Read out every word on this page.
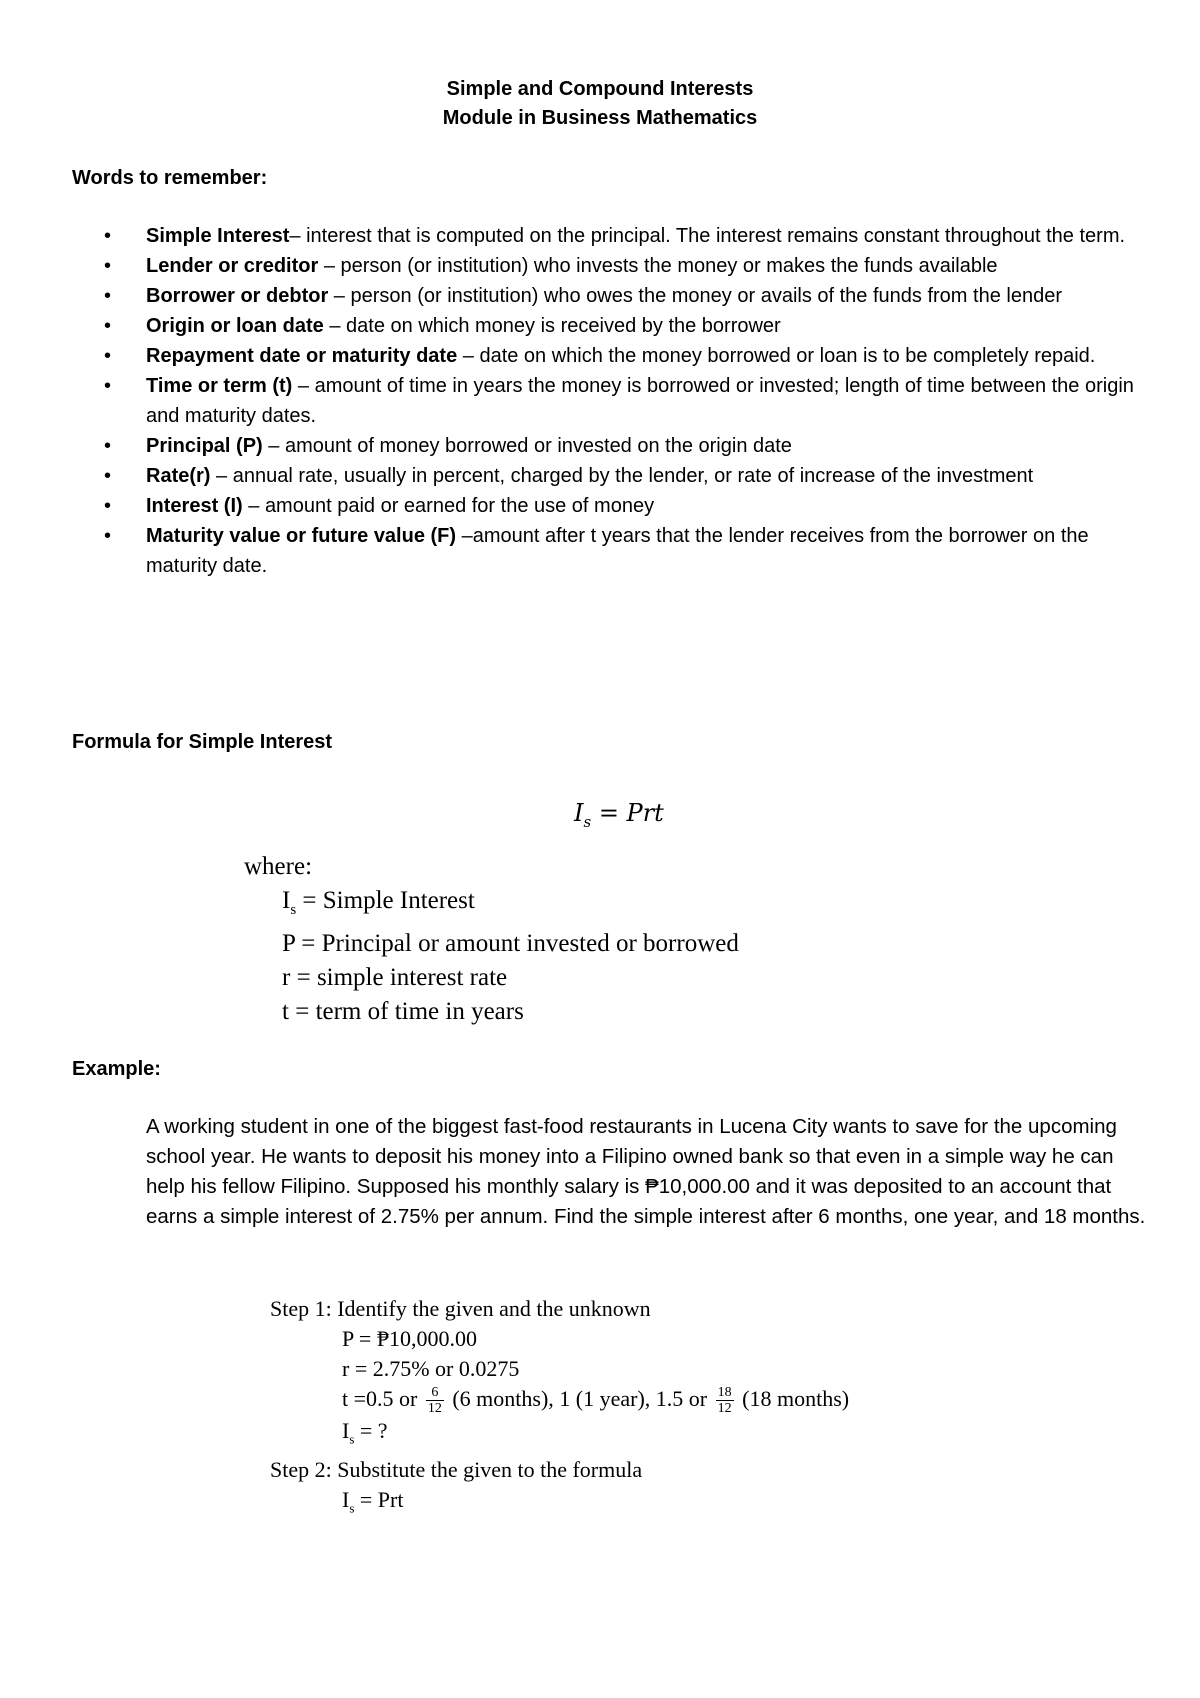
Simple and Compound Interests
Module in Business Mathematics
Words to remember:
• Simple Interest– interest that is computed on the principal. The interest remains constant throughout the term.
• Lender or creditor – person (or institution) who invests the money or makes the funds available
• Borrower or debtor – person (or institution) who owes the money or avails of the funds from the lender
• Origin or loan date – date on which money is received by the borrower
• Repayment date or maturity date – date on which the money borrowed or loan is to be completely repaid.
• Time or term (t) – amount of time in years the money is borrowed or invested; length of time between the origin and maturity dates.
• Principal (P) – amount of money borrowed or invested on the origin date
• Rate(r) – annual rate, usually in percent, charged by the lender, or rate of increase of the investment
• Interest (I) – amount paid or earned for the use of money
• Maturity value or future value (F) –amount after t years that the lender receives from the borrower on the maturity date.
Formula for Simple Interest
$I_s$ = Prt
where:
$I_s$ = Simple Interest
P = Principal or amount invested or borrowed
r = simple interest rate
t = term of time in years
Example:
A working student in one of the biggest fast-food restaurants in Lucena City wants to save for the upcoming school year. He wants to deposit his money into a Filipino owned bank so that even in a simple way he can help his fellow Filipino. Supposed his monthly salary is ₱10,000.00 and it was deposited to an account that earns a simple interest of 2.75% per annum. Find the simple interest after 6 months, one year, and 18 months.
Step 1: Identify the given and the unknown
P = ₱10,000.00
r = 2.75% or 0.0275
t =0.5 or $\frac{6}{12} (6$ months), 1 (1 year), 1.5 or $\frac{18}{12} (18$ months)
$I_s$ = ?
Step 2: Substitute the given to the formula
$I_s$ = Prt
